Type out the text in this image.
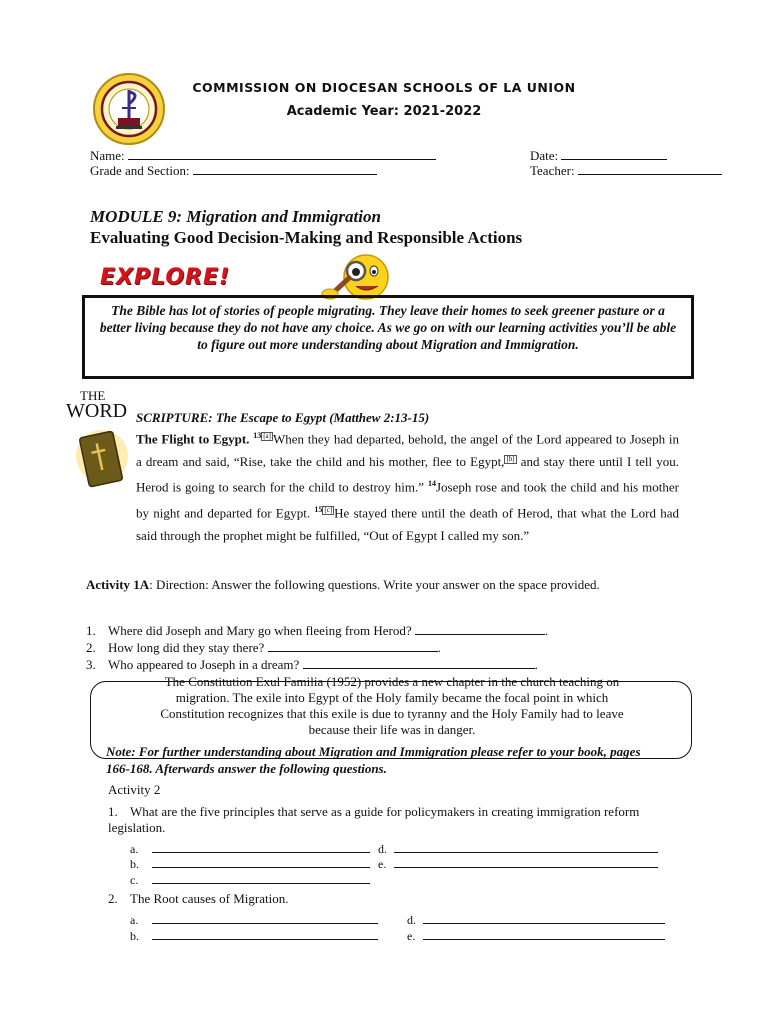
COMMISSION ON DIOCESAN SCHOOLS OF LA UNION
Academic Year: 2021-2022
Name:	Date:
Grade and Section:	Teacher:
MODULE 9: Migration and Immigration
Evaluating Good Decision-Making and Responsible Actions
EXPLORE!
The Bible has lot of stories of people migrating. They leave their homes to seek greener pasture or a better living because they do not have any choice. As we go on with our learning activities you’ll be able to figure out more understanding about Migration and Immigration.
THE
WORD SCRIPTURE: The Escape to Egypt (Matthew 2:13-15)
The Flight to Egypt. $^{13}$ [a] When they had departed, behold, the angel of the Lord appeared to Joseph in a dream and said, “Rise, take the child and his mother, flee to Egypt, [b] and stay there until I tell you. Herod is going to search for the child to destroy him.” $^{14}$Joseph rose and took the child and his mother by night and departed for Egypt. $^{15}$ [c] He stayed there until the death of Herod, that what the Lord had said through the prophet might be fulfilled, “Out of Egypt I called my son.”
Activity 1A: Direction: Answer the following questions. Write your answer on the space provided.
1. Where did Joseph and Mary go when fleeing from Herod?	.
2. How long did they stay there?	.
3. Who appeared to Joseph in a dream?	.
The Constitution Exul Familia (1952) provides a new chapter in the church teaching on
migration. The exile into Egypt of the Holy family became the focal point in which
Constitution recognizes that this exile is due to tyranny and the Holy Family had to leave
because their life was in danger.
Note: For further understanding about Migration and Immigration please refer to your book, pages 166-168. Afterwards answer the following questions.
Activity 2
1. What are the five principles that serve as a guide for policymakers in creating immigration reform legislation.
a.	d.
b.	e.
c.
2. The Root causes of Migration.
a.	d.
b.	e.
